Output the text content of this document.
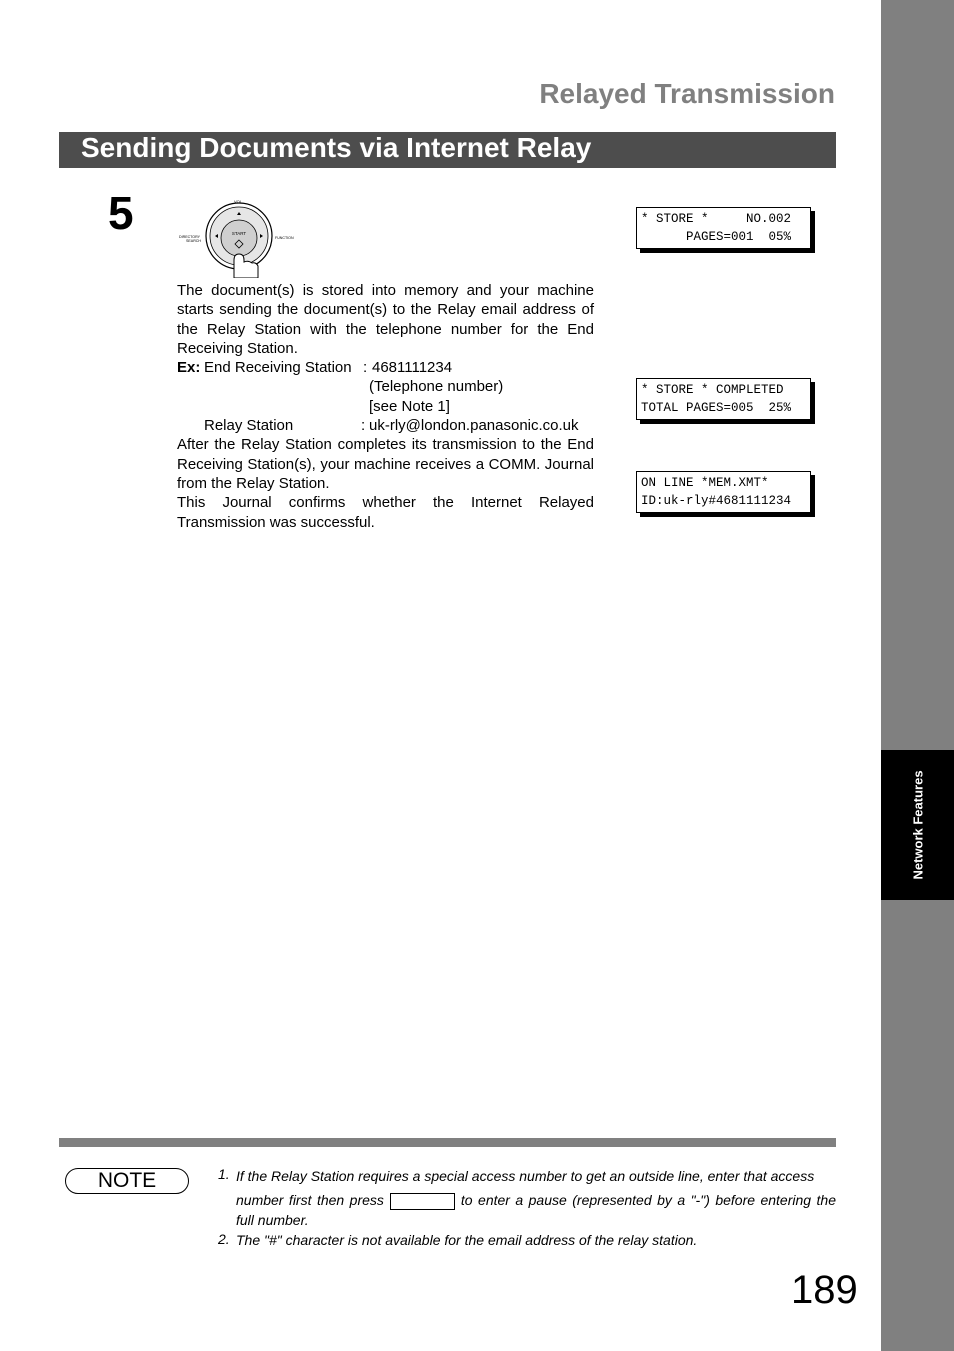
Network Features
Relayed Transmission
Sending Documents via Internet Relay
5	START
VOL
DIRECTORY
SEARCH
FUNCTION

The document(s) is stored into memory and your machine starts sending the document(s) to the Relay email address of the Relay Station with the telephone number for the End Receiving Station.

Ex: End Receiving Station : 4681111234
(Telephone number)
[see Note 1]
Relay Station	: uk-rly@london.panasonic.co.uk

After the Relay Station completes its transmission to the End Receiving Station(s), your machine receives a COMM. Journal from the Relay Station.

This Journal confirms whether the Internet Relayed Transmission was successful.

* STORE *     NO.002
PAGES=001  05%
* STORE * COMPLETED
TOTAL PAGES=005  25%
ON LINE *MEM.XMT*
ID:uk-rly#4681111234
NOTE	1. If the Relay Station requires a special access number to get an outside line, enter that access
number first then press	to enter a pause (represented by a "-") before entering the
full number.
2. The "#" character is not available for the email address of the relay station.
189
